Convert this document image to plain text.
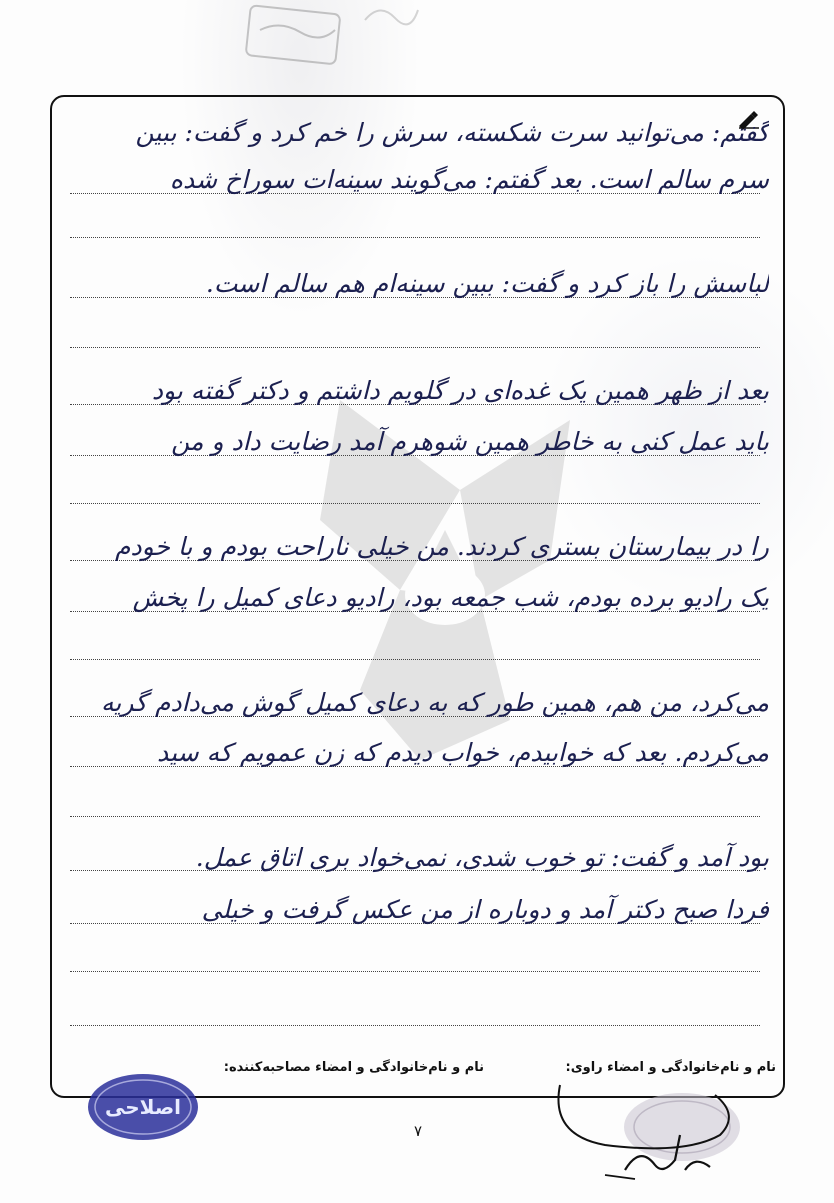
گفتم: می‌توانید سرت شکسته، سرش را خم کرد و گفت: ببین
سرم سالم است. بعد گفتم: می‌گویند سینه‌ات سوراخ شده
لباسش را باز کرد و گفت: ببین سینه‌ام هم سالم است.
بعد از ظهر همین یک غده‌ای در گلویم داشتم و دکتر گفته بود
باید عمل کنی به خاطر همین شوهرم آمد رضایت داد و من
را در بیمارستان بستری کردند. من خیلی ناراحت بودم و با خودم
یک رادیو برده بودم، شب جمعه بود، رادیو دعای کمیل را پخش
می‌کرد، من هم، همین طور که به دعای کمیل گوش می‌دادم گریه
می‌کردم. بعد که خوابیدم، خواب دیدم که زن عمویم که سید
بود آمد و گفت: تو خوب شدی، نمی‌خواد بری اتاق عمل.
فردا صبح دکتر آمد و دوباره از من عکس گرفت و خیلی
نام و نام‌خانوادگی و امضاء راوی:
نام و نام‌خانوادگی و امضاء مصاحبه‌کننده:
اصلاحی
۷
